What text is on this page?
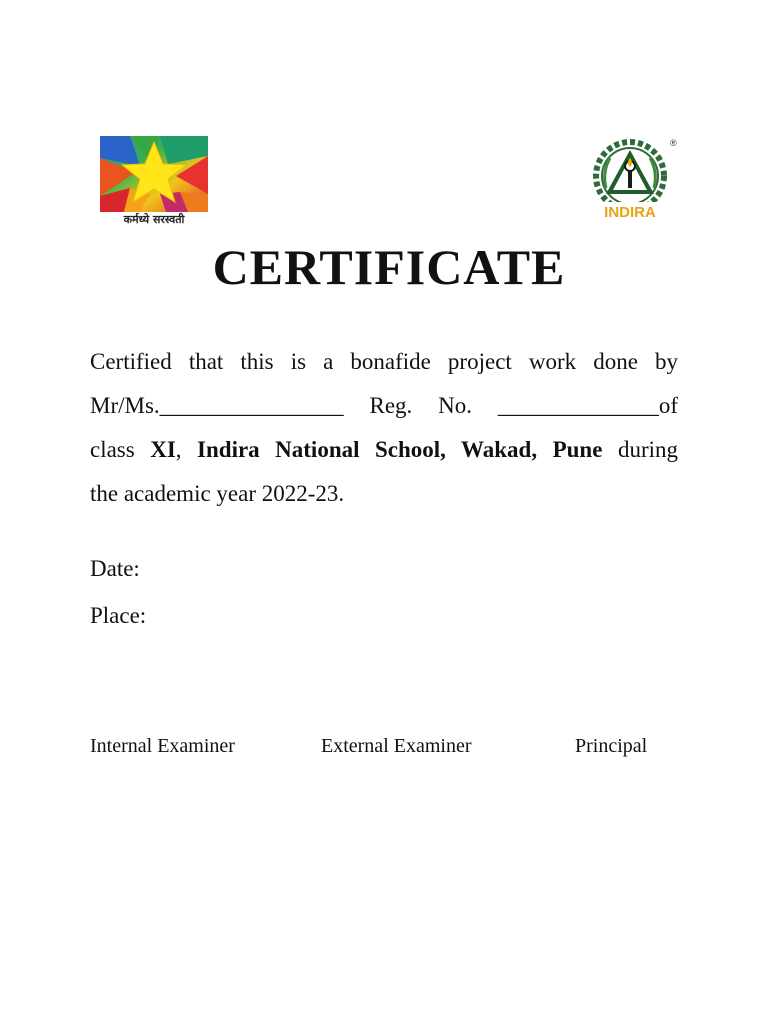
कर्मध्ये सरस्वती	INDIRA
®
CERTIFICATE
Certified that this is a bonafide project work done by
Mr/Ms.________________ Reg. No. ______________of
class XI, Indira National School, Wakad, Pune during
the academic year 2022-23.
Date:
Place:
Internal Examiner	External Examiner	Principal
